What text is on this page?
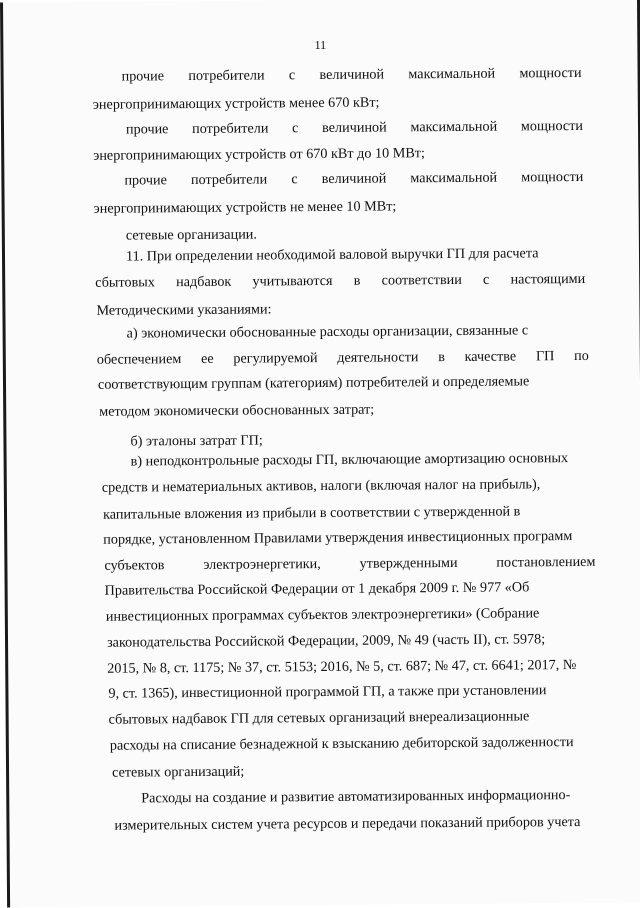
11
прочие потребители с величиной максимальной мощности
энергопринимающих устройств менее 670 кВт;
прочие потребители с величиной максимальной мощности
энергопринимающих устройств от 670 кВт до 10 МВт;
прочие потребители с величиной максимальной мощности
энергопринимающих устройств не менее 10 МВт;
сетевые организации.
11. При определении необходимой валовой выручки ГП для расчета
сбытовых надбавок учитываются в соответствии с настоящими
Методическими указаниями:
а) экономически обоснованные расходы организации, связанные с
обеспечением ее регулируемой деятельности в качестве ГП по
соответствующим группам (категориям) потребителей и определяемые
методом экономически обоснованных затрат;
б) эталоны затрат ГП;
в) неподконтрольные расходы ГП, включающие амортизацию основных
средств и нематериальных активов, налоги (включая налог на прибыль),
капитальные вложения из прибыли в соответствии с утвержденной в
порядке, установленном Правилами утверждения инвестиционных программ
субъектов	электроэнергетики,	утвержденными	постановлением
Правительства Российской Федерации от 1 декабря 2009 г. № 977 «Об
инвестиционных программах субъектов электроэнергетики» (Собрание
законодательства Российской Федерации, 2009, № 49 (часть II), ст. 5978;
2015, № 8, ст. 1175; № 37, ст. 5153; 2016, № 5, ст. 687; № 47, ст. 6641; 2017, №
9, ст. 1365), инвестиционной программой ГП, а также при установлении
сбытовых надбавок ГП для сетевых организаций внереализационные
расходы на списание безнадежной к взысканию дебиторской задолженности
сетевых организаций;
Расходы на создание и развитие автоматизированных информационно-
измерительных систем учета ресурсов и передачи показаний приборов учета
